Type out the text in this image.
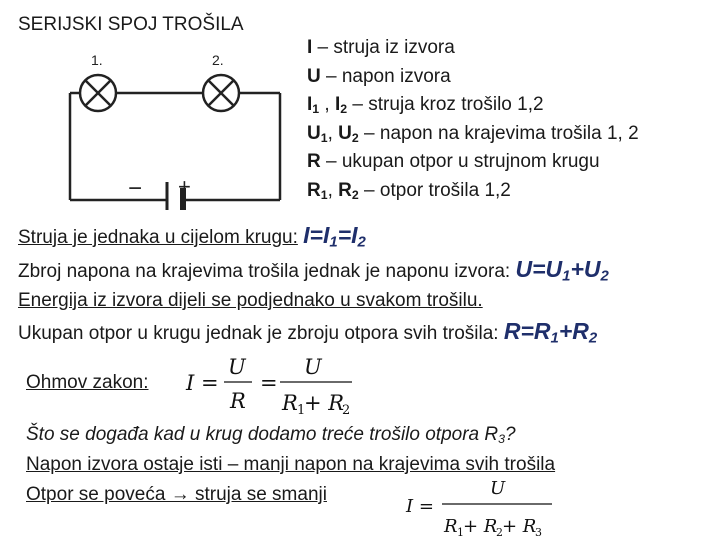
SERIJSKI SPOJ TROŠILA
1.	2.
− +
I – struja iz izvora
U – napon izvora
$I_1$ , $I_2$ – struja kroz trošilo 1,2
$U_1$, $U_2$ – napon na krajevima trošila 1, 2
R – ukupan otpor u strujnom krugu
$R_1$, $R_2$ – otpor trošila 1,2
Struja je jednaka u cijelom krugu: $I=I_1=I_2$
Zbroj napona na krajevima trošila jednak je naponu izvora: $U=U_1+U_2$
Energija iz izvora dijeli se podjednako u svakom trošilu.
Ukupan otpor u krugu jednak je zbroju otpora svih trošila: $R=R_1+R_2$
Ohmov zakon: I =
U
R
=
U
R 1
+ R
2
Što se događa kad u krug dodamo treće trošilo otpora $R_3$?
Napon izvora ostaje isti – manji napon na krajevima svih trošila
Otpor se poveća → struja se smanji
I =
U
R 1 + R
2 + R
3
